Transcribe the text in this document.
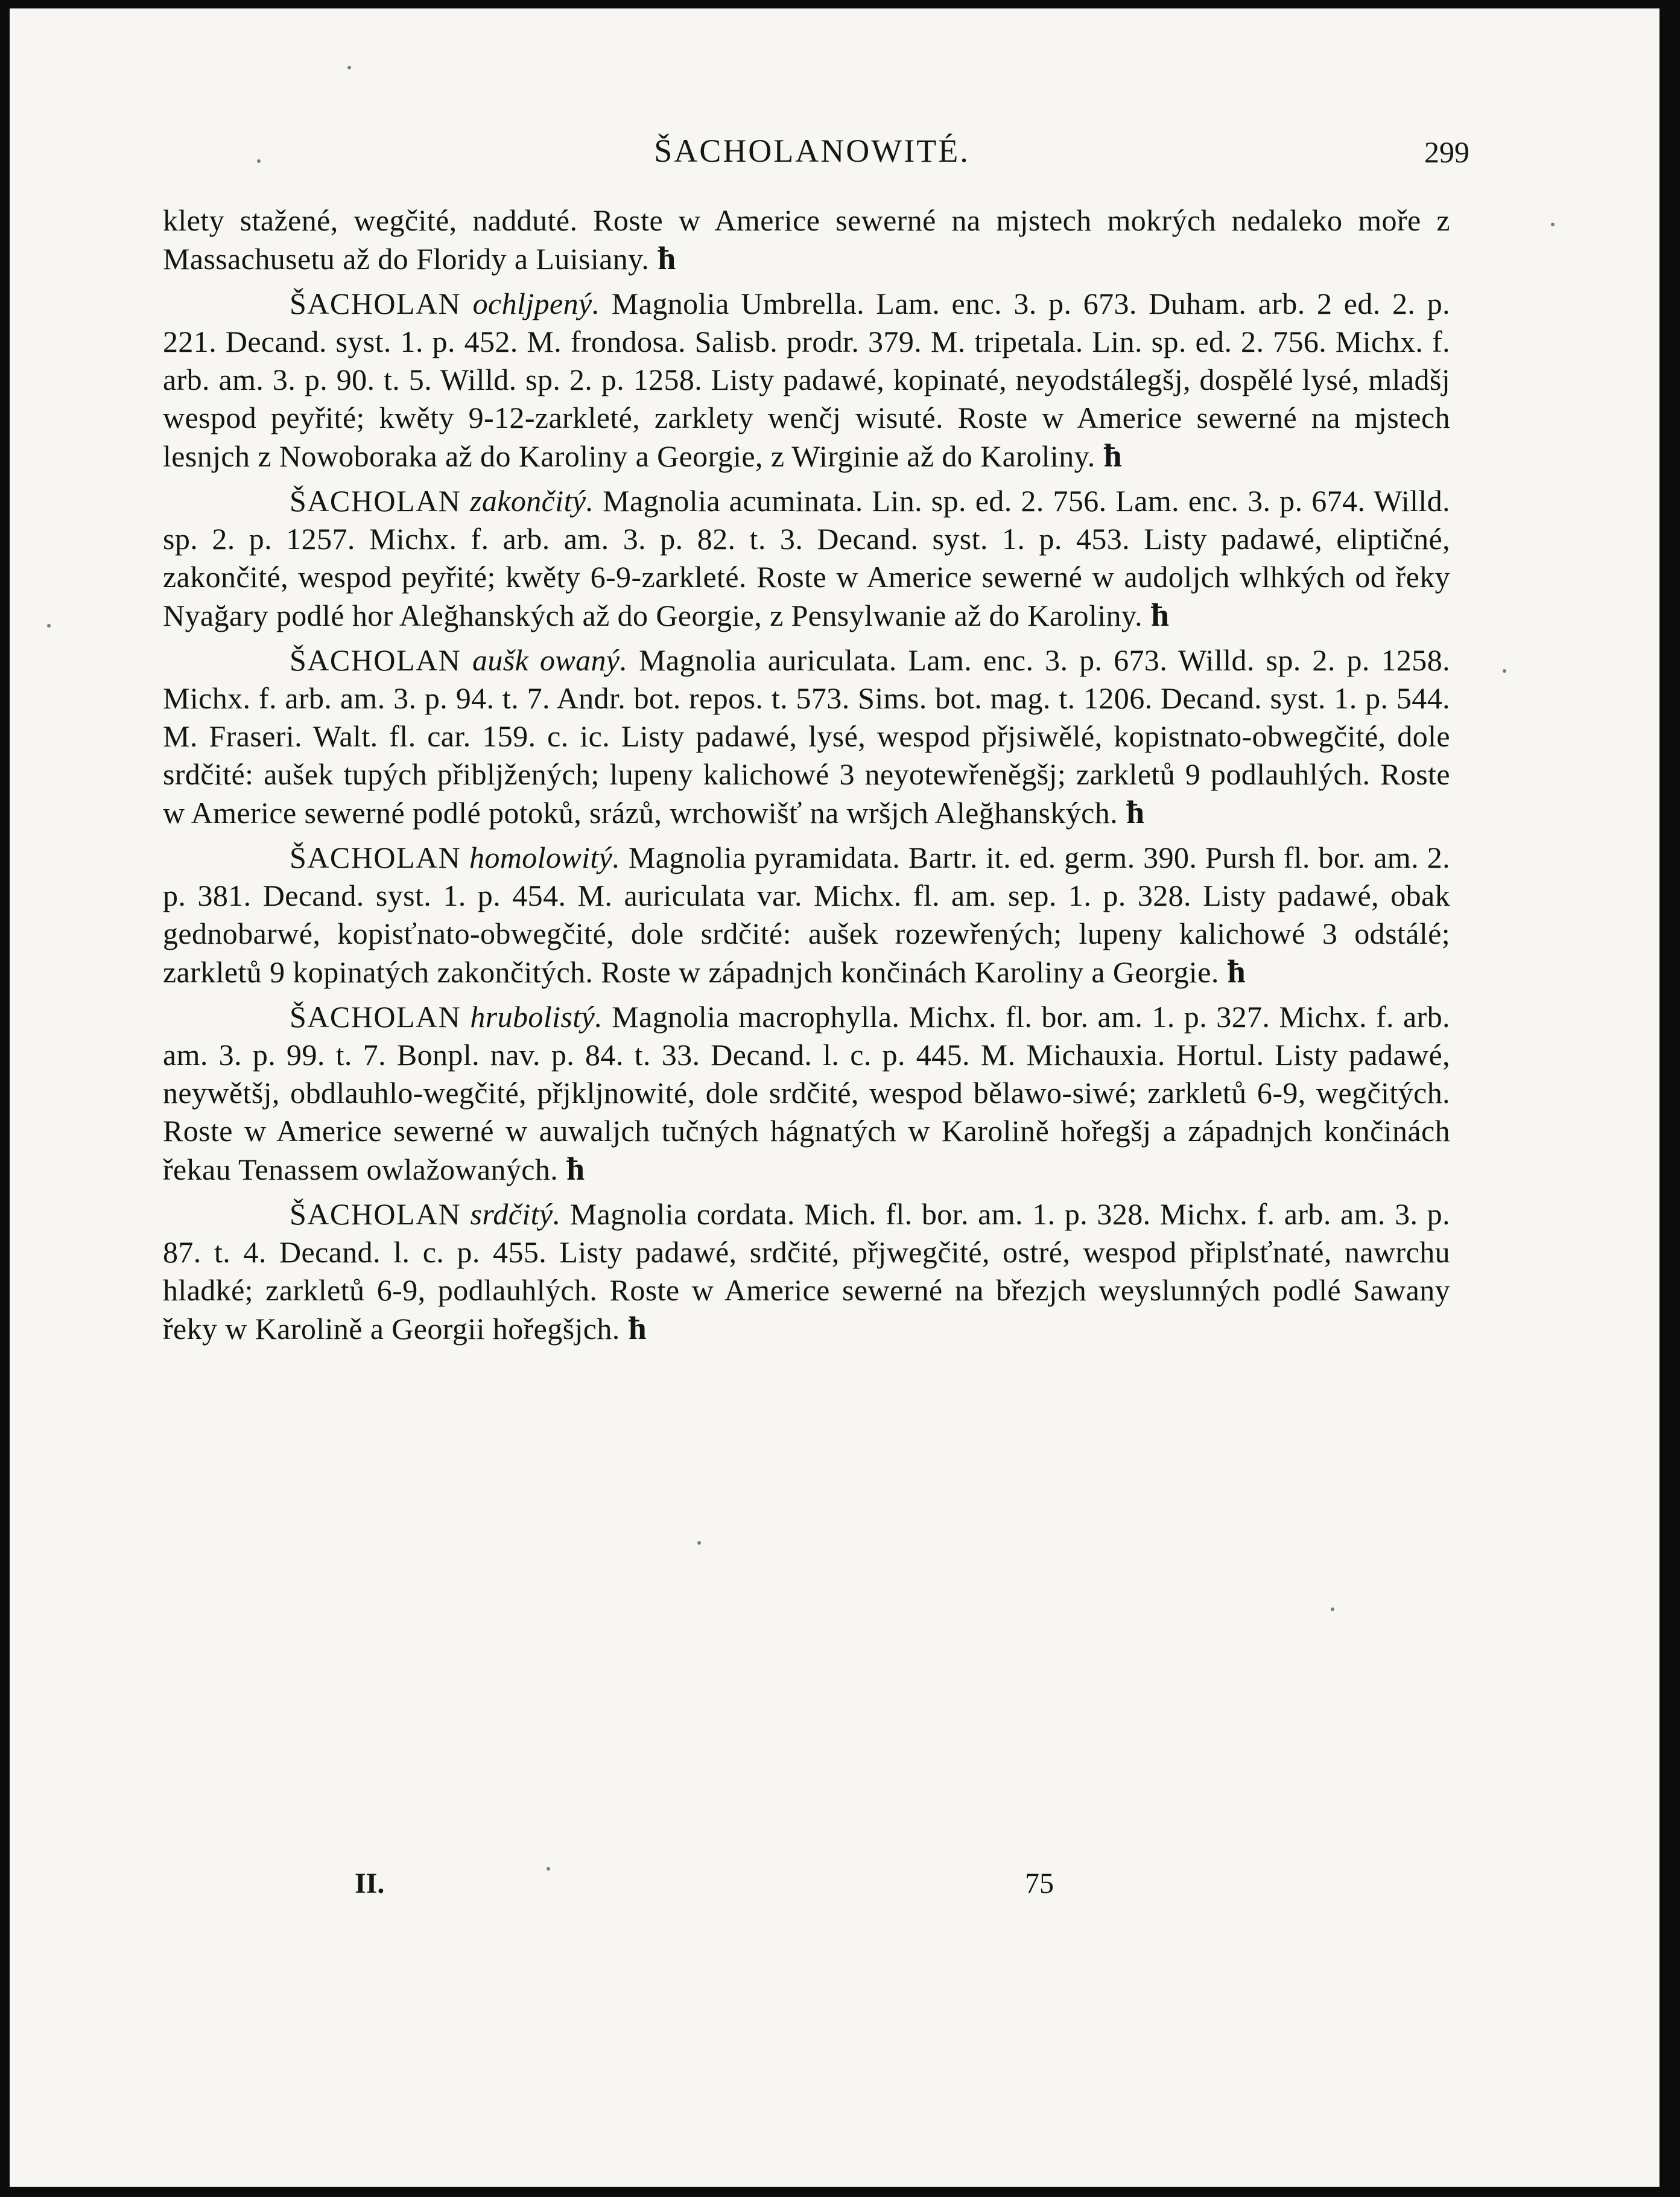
ŠACHOLANOWITÉ.	299

klety stažené, wegčité, nadduté. Roste w Americe sewerné na mjstech mokrých nedaleko moře z Massachusetu až do Floridy a Luisiany. ħ

ŠACHOLAN ochljpený. Magnolia Umbrella. Lam. enc. 3. p. 673. Duham. arb. 2 ed. 2. p. 221. Decand. syst. 1. p. 452. M. frondosa. Salisb. prodr. 379. M. tripetala. Lin. sp. ed. 2. 756. Michx. f. arb. am. 3. p. 90. t. 5. Willd. sp. 2. p. 1258. Listy padawé, kopinaté, neyodstálegšj, dospělé lysé, mladšj wespod peyřité; kwěty 9-12-zarkleté, zarklety wenčj wisuté. Roste w Americe sewerné na mjstech lesnjch z Nowoboraka až do Karoliny a Georgie, z Wirginie až do Karoliny. ħ

ŠACHOLAN zakončitý. Magnolia acuminata. Lin. sp. ed. 2. 756. Lam. enc. 3. p. 674. Willd. sp. 2. p. 1257. Michx. f. arb. am. 3. p. 82. t. 3. Decand. syst. 1. p. 453. Listy padawé, eliptičné, zakončité, wespod peyřité; kwěty 6-9-zarkleté. Roste w Americe sewerné w audoljch wlhkých od řeky Nyağary podlé hor Aleğhanských až do Georgie, z Pensylwanie až do Karoliny. ħ

ŠACHOLAN aušk owaný. Magnolia auriculata. Lam. enc. 3. p. 673. Willd. sp. 2. p. 1258. Michx. f. arb. am. 3. p. 94. t. 7. Andr. bot. repos. t. 573. Sims. bot. mag. t. 1206. Decand. syst. 1. p. 544. M. Fraseri. Walt. fl. car. 159. c. ic. Listy padawé, lysé, wespod přjsiwělé, kopistnato-obwegčité, dole srdčité: aušek tupých přibljžených; lupeny kalichowé 3 neyotewřeněgšj; zarkletů 9 podlauhlých. Roste w Americe sewerné podlé potoků, srázů, wrchowišť na wršjch Aleğhanských. ħ

ŠACHOLAN homolowitý. Magnolia pyramidata. Bartr. it. ed. germ. 390. Pursh fl. bor. am. 2. p. 381. Decand. syst. 1. p. 454. M. auriculata var. Michx. fl. am. sep. 1. p. 328. Listy padawé, obak gednobarwé, kopisťnato-obwegčité, dole srdčité: aušek rozewřených; lupeny kalichowé 3 odstálé; zarkletů 9 kopinatých zakončitých. Roste w západnjch končinách Karoliny a Georgie. ħ

ŠACHOLAN hrubolistý. Magnolia macrophylla. Michx. fl. bor. am. 1. p. 327. Michx. f. arb. am. 3. p. 99. t. 7. Bonpl. nav. p. 84. t. 33. Decand. l. c. p. 445. M. Michauxia. Hortul. Listy padawé, neywětšj, obdlauhlo-wegčité, přjkljnowité, dole srdčité, wespod bělawo-siwé; zarkletů 6-9, wegčitých. Roste w Americe sewerné w auwaljch tučných hágnatých w Karolině hořegšj a západnjch končinách řekau Tenassem owlažowaných. ħ

ŠACHOLAN srdčitý. Magnolia cordata. Mich. fl. bor. am. 1. p. 328. Michx. f. arb. am. 3. p. 87. t. 4. Decand. l. c. p. 455. Listy padawé, srdčité, přjwegčité, ostré, wespod připlsťnaté, nawrchu hladké; zarkletů 6-9, podlauhlých. Roste w Americe sewerné na březjch weyslunných podlé Sawany řeky w Karolině a Georgii hořegšjch. ħ

II.	75
